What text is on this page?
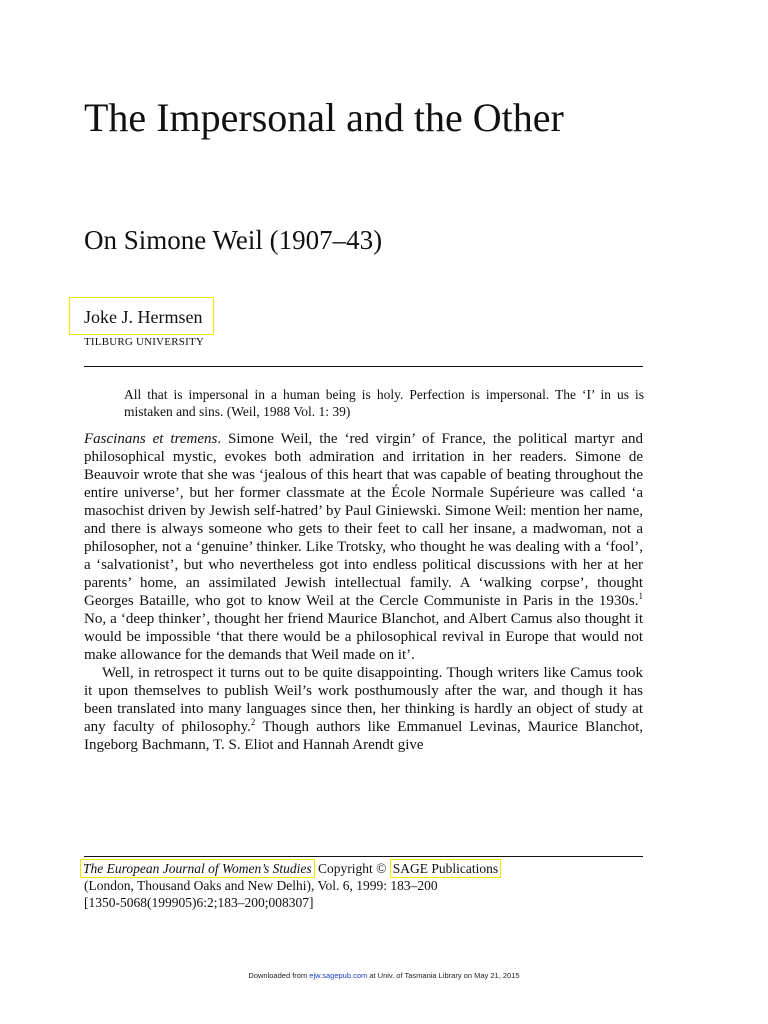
The Impersonal and the Other
On Simone Weil (1907–43)
Joke J. Hermsen
TILBURG UNIVERSITY
All that is impersonal in a human being is holy. Perfection is impersonal. The ‘I’ in us is mistaken and sins. (Weil, 1988 Vol. 1: 39)

Fascinans et tremens. Simone Weil, the ‘red virgin’ of France, the political martyr and philosophical mystic, evokes both admiration and irritation in her readers. Simone de Beauvoir wrote that she was ‘jealous of this heart that was capable of beating throughout the entire universe’, but her former classmate at the École Normale Supérieure was called ‘a masochist driven by Jewish self-hatred’ by Paul Giniewski. Simone Weil: mention her name, and there is always someone who gets to their feet to call her insane, a madwoman, not a philosopher, not a ‘genuine’ thinker. Like Trotsky, who thought he was dealing with a ‘fool’, a ‘salvationist’, but who nevertheless got into endless political discussions with her at her parents’ home, an assimilated Jewish intellectual family. A ‘walking corpse’, thought Georges Bataille, who got to know Weil at the Cercle Communiste in Paris in the 1930s.$^1$ No, a ‘deep thinker’, thought her friend Maurice Blanchot, and Albert Camus also thought it would be impossible ‘that there would be a philosophical revival in Europe that would not make allowance for the demands that Weil made on it’.

Well, in retrospect it turns out to be quite disappointing. Though writers like Camus took it upon themselves to publish Weil’s work posthumously after the war, and though it has been translated into many languages since then, her thinking is hardly an object of study at any faculty of philosophy.$^2$ Though authors like Emmanuel Levinas, Maurice Blanchot, Ingeborg Bachmann, T. S. Eliot and Hannah Arendt give

The European Journal of Women’s Studies Copyright © SAGE Publications
(London, Thousand Oaks and New Delhi), Vol. 6, 1999: 183–200
[1350-5068(199905)6:2;183–200;008307]
Downloaded from ejw.sagepub.com at Univ. of Tasmania Library on May 21, 2015
